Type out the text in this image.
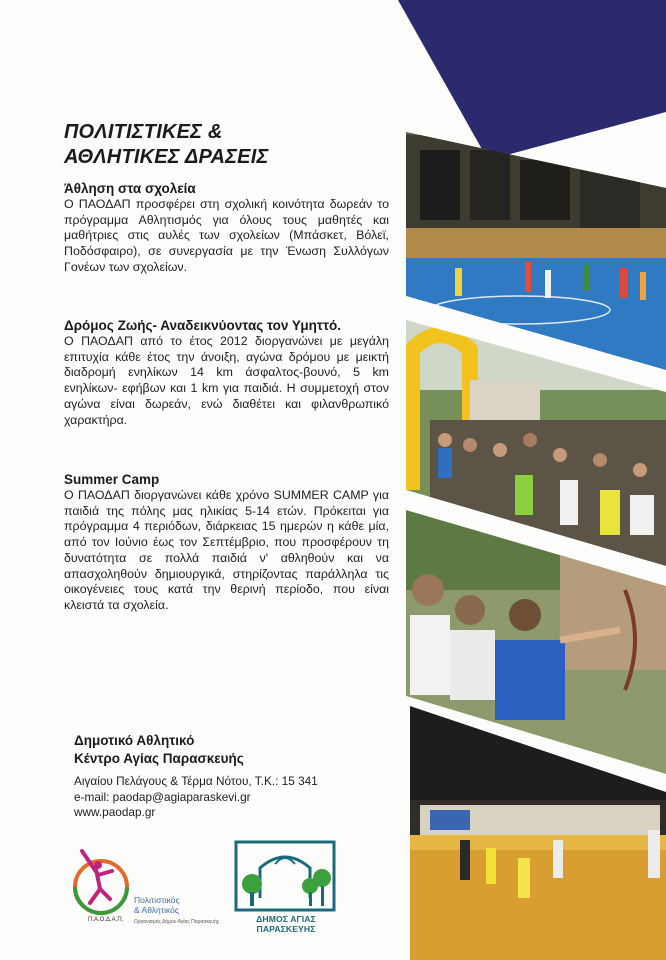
ΠΟΛΙΤΙΣΤΙΚΕΣ &
ΑΘΛΗΤΙΚΕΣ ΔΡΑΣΕΙΣ
Άθληση στα σχολεία

Ο ΠΑΟΔΑΠ προσφέρει στη σχολική κοινότητα δωρεάν το πρόγραμμα Αθλητισμός για όλους τους μαθητές και μαθήτριες στις αυλές των σχολείων (Μπάσκετ, Βόλεϊ, Ποδόσφαιρο), σε συνεργασία με την Ένωση Συλλόγων Γονέων των σχολείων.

Δρόμος Ζωής- Αναδεικνύοντας τον Υμηττό.

Ο ΠΑΟΔΑΠ από το έτος 2012 διοργανώνει με μεγάλη επιτυχία κάθε έτος την άνοιξη, αγώνα δρόμου με μεικτή διαδρομή ενηλίκων 14 km άσφαλτος-βουνό, 5 km ενηλίκων- εφήβων και 1 km για παιδιά. Η συμμετοχή στον αγώνα είναι δωρεάν, ενώ διαθέτει και φιλανθρωπικό χαρακτήρα.

Summer Camp

Ο ΠΑΟΔΑΠ διοργανώνει κάθε χρόνο SUMMER CAMP για παιδιά της πόλης μας ηλικίας 5-14 ετών. Πρόκειται για πρόγραμμα 4 περιόδων, διάρκειας 15 ημερών η κάθε μία, από τον Ιούνιο έως τον Σεπτέμβριο, που προσφέρουν τη δυνατότητα σε πολλά παιδιά ν' αθληθούν και να απασχοληθούν δημιουργικά, στηρίζοντας παράλληλα τις οικογένειες τους κατά την θερινή περίοδο, που είναι κλειστά τα σχολεία.

Δημοτικό Αθλητικό
Κέντρο Αγίας Παρασκευής
Αιγαίου Πελάγους & Τέρμα Νότου, Τ.Κ.: 15 341
e-mail: paodap@agiaparaskevi.gr
www.paodap.gr
Π.Α.Ο.Δ.Α.Π.
Πολιτιστικός
& Αθλητικός
Οργανισμός Δήμου Αγίας Παρασκευής	ΔΗΜΟΣ ΑΓΙΑΣ ΠΑΡΑΣΚΕΥΗΣ
